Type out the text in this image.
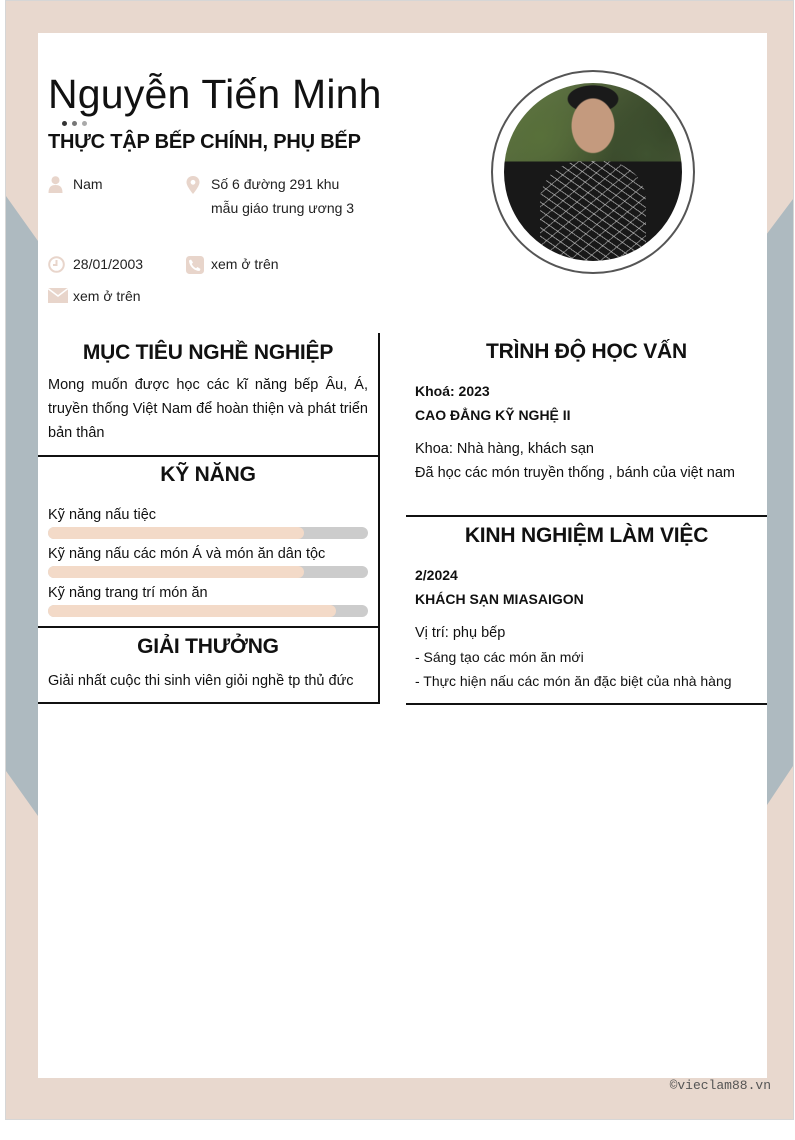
Nguyễn Tiến Minh
THỰC TẬP BẾP CHÍNH, PHỤ BẾP
Nam	Số 6 đường 291 khu mẫu giáo trung ương 3
28/01/2003	xem ở trên
xem ở trên
MỤC TIÊU NGHỀ NGHIỆP

Mong muốn được học các kĩ năng bếp Âu, Á, truyền thống Việt Nam để hoàn thiện và phát triển bản thân

KỸ NĂNG
Kỹ năng nấu tiệc
Kỹ năng nấu các món Á và món ăn dân tộc
Kỹ năng trang trí món ăn
GIẢI THƯỞNG

Giải nhất cuộc thi sinh viên giỏi nghề tp thủ đức

TRÌNH ĐỘ HỌC VẤN
Khoá: 2023
CAO ĐẲNG KỸ NGHỆ II
Khoa: Nhà hàng, khách sạn
Đã học các món truyền thống , bánh của việt nam
KINH NGHIỆM LÀM VIỆC
2/2024
KHÁCH SẠN MIASAIGON
Vị trí: phụ bếp
- Sáng tạo các món ăn mới
- Thực hiện nấu các món ăn đặc biệt của nhà hàng
©vieclam88.vn
